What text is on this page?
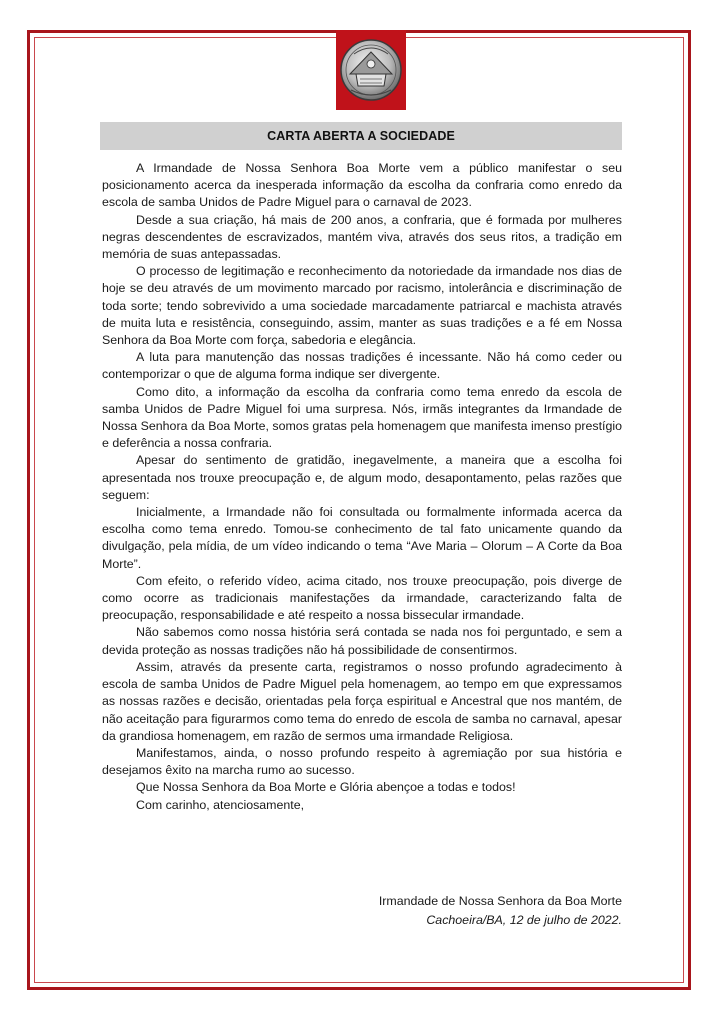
CARTA ABERTA A SOCIEDADE

A Irmandade de Nossa Senhora Boa Morte vem a público manifestar o seu posicionamento acerca da inesperada informação da escolha da confraria como enredo da escola de samba Unidos de Padre Miguel para o carnaval de 2023.

Desde a sua criação, há mais de 200 anos, a confraria, que é formada por mulheres negras descendentes de escravizados, mantém viva, através dos seus ritos, a tradição em memória de suas antepassadas.

O processo de legitimação e reconhecimento da notoriedade da irmandade nos dias de hoje se deu através de um movimento marcado por racismo, intolerância e discriminação de toda sorte; tendo sobrevivido a uma sociedade marcadamente patriarcal e machista através de muita luta e resistência, conseguindo, assim, manter as suas tradições e a fé em Nossa Senhora da Boa Morte com força, sabedoria e elegância.

A luta para manutenção das nossas tradições é incessante. Não há como ceder ou contemporizar o que de alguma forma indique ser divergente.

Como dito, a informação da escolha da confraria como tema enredo da escola de samba Unidos de Padre Miguel foi uma surpresa. Nós, irmãs integrantes da Irmandade de Nossa Senhora da Boa Morte, somos gratas pela homenagem que manifesta imenso prestígio e deferência a nossa confraria.

Apesar do sentimento de gratidão, inegavelmente, a maneira que a escolha foi apresentada nos trouxe preocupação e, de algum modo, desapontamento, pelas razões que seguem:

Inicialmente, a Irmandade não foi consultada ou formalmente informada acerca da escolha como tema enredo. Tomou-se conhecimento de tal fato unicamente quando da divulgação, pela mídia, de um vídeo indicando o tema “Ave Maria – Olorum – A Corte da Boa Morte”.

Com efeito, o referido vídeo, acima citado, nos trouxe preocupação, pois diverge de como ocorre as tradicionais manifestações da irmandade, caracterizando falta de preocupação, responsabilidade e até respeito a nossa bissecular irmandade.

Não sabemos como nossa história será contada se nada nos foi perguntado, e sem a devida proteção as nossas tradições não há possibilidade de consentirmos.

Assim, através da presente carta, registramos o nosso profundo agradecimento à escola de samba Unidos de Padre Miguel pela homenagem, ao tempo em que expressamos as nossas razões e decisão, orientadas pela força espiritual e Ancestral que nos mantém, de não aceitação para figurarmos como tema do enredo de escola de samba no carnaval, apesar da grandiosa homenagem, em razão de sermos uma irmandade Religiosa.

Manifestamos, ainda, o nosso profundo respeito à agremiação por sua história e desejamos êxito na marcha rumo ao sucesso.

Que Nossa Senhora da Boa Morte e Glória abençoe a todas e todos!

Com carinho, atenciosamente,

Irmandade de Nossa Senhora da Boa Morte
Cachoeira/BA, 12 de julho de 2022.
